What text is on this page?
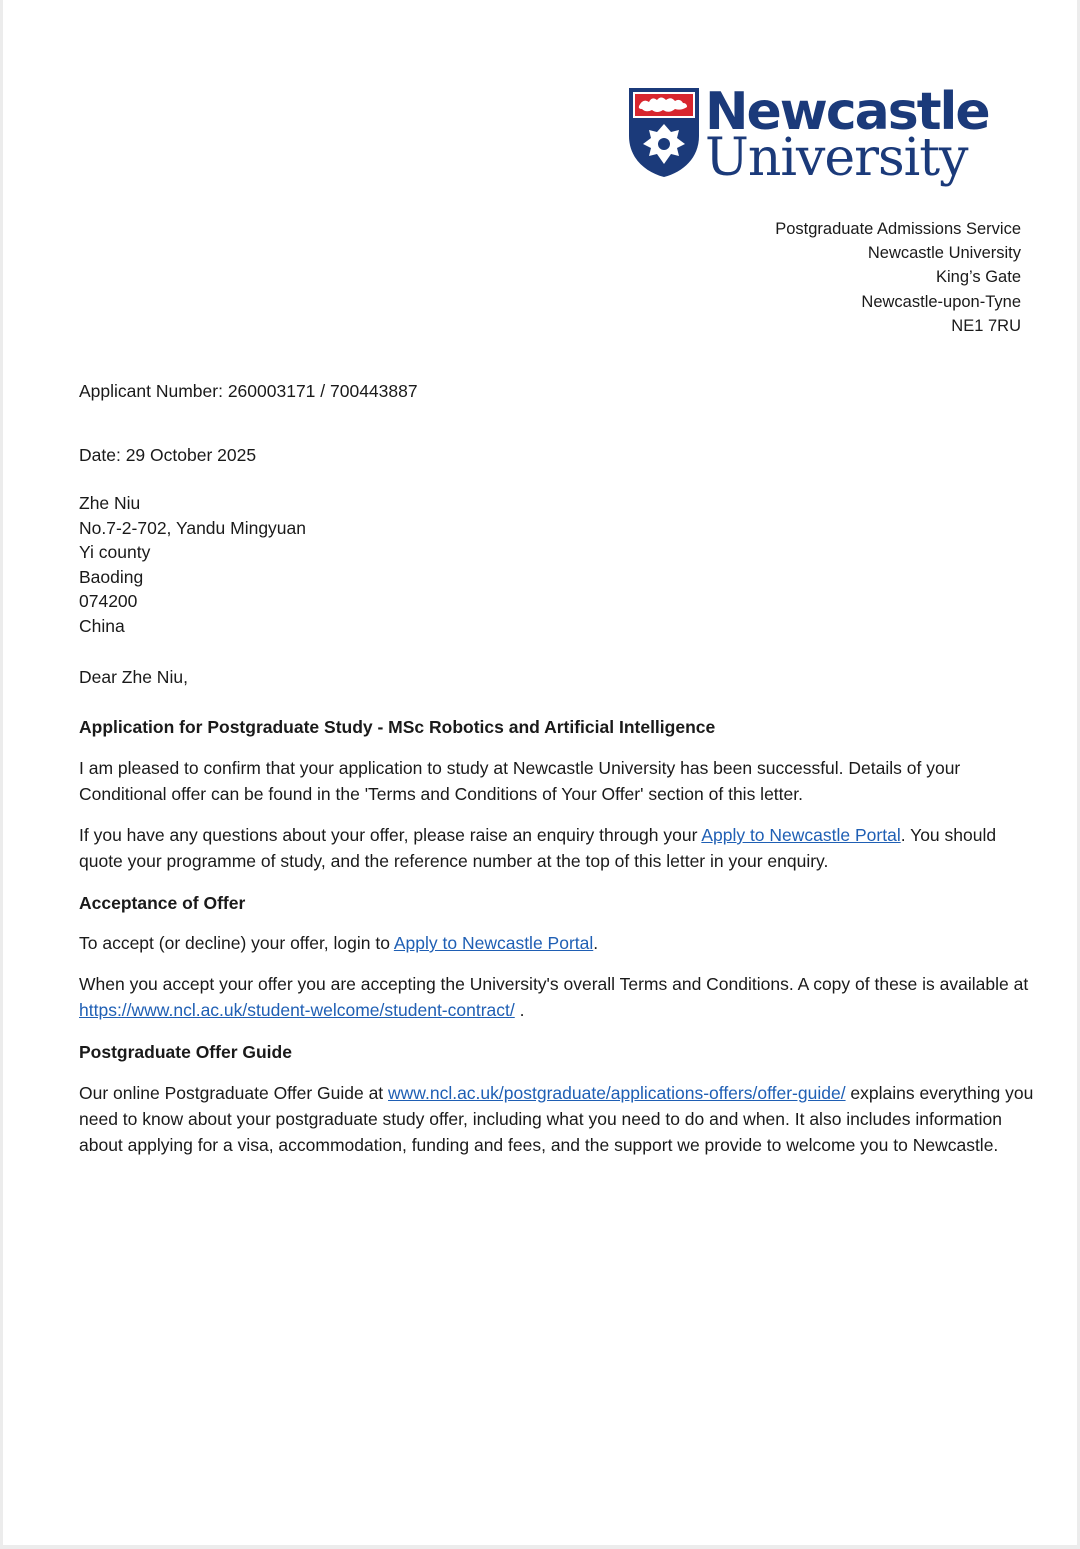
Newcastle
University
Postgraduate Admissions Service
Newcastle University
King’s Gate
Newcastle-upon-Tyne
NE1 7RU
Applicant Number: 260003171 / 700443887
Date: 29 October 2025
Zhe Niu
No.7-2-702, Yandu Mingyuan
Yi county
Baoding
074200
China
Dear Zhe Niu,
Application for Postgraduate Study - MSc Robotics and Artificial Intelligence
I am pleased to confirm that your application to study at Newcastle University has been successful. Details of your Conditional offer can be found in the 'Terms and Conditions of Your Offer' section of this letter.
If you have any questions about your offer, please raise an enquiry through your Apply to Newcastle Portal. You should quote your programme of study, and the reference number at the top of this letter in your enquiry.
Acceptance of Offer
To accept (or decline) your offer, login to Apply to Newcastle Portal.
When you accept your offer you are accepting the University's overall Terms and Conditions. A copy of these is available at https://www.ncl.ac.uk/student-welcome/student-contract/ .
Postgraduate Offer Guide
Our online Postgraduate Offer Guide at www.ncl.ac.uk/postgraduate/applications-offers/offer-guide/ explains everything you need to know about your postgraduate study offer, including what you need to do and when. It also includes information about applying for a visa, accommodation, funding and fees, and the support we provide to welcome you to Newcastle.
